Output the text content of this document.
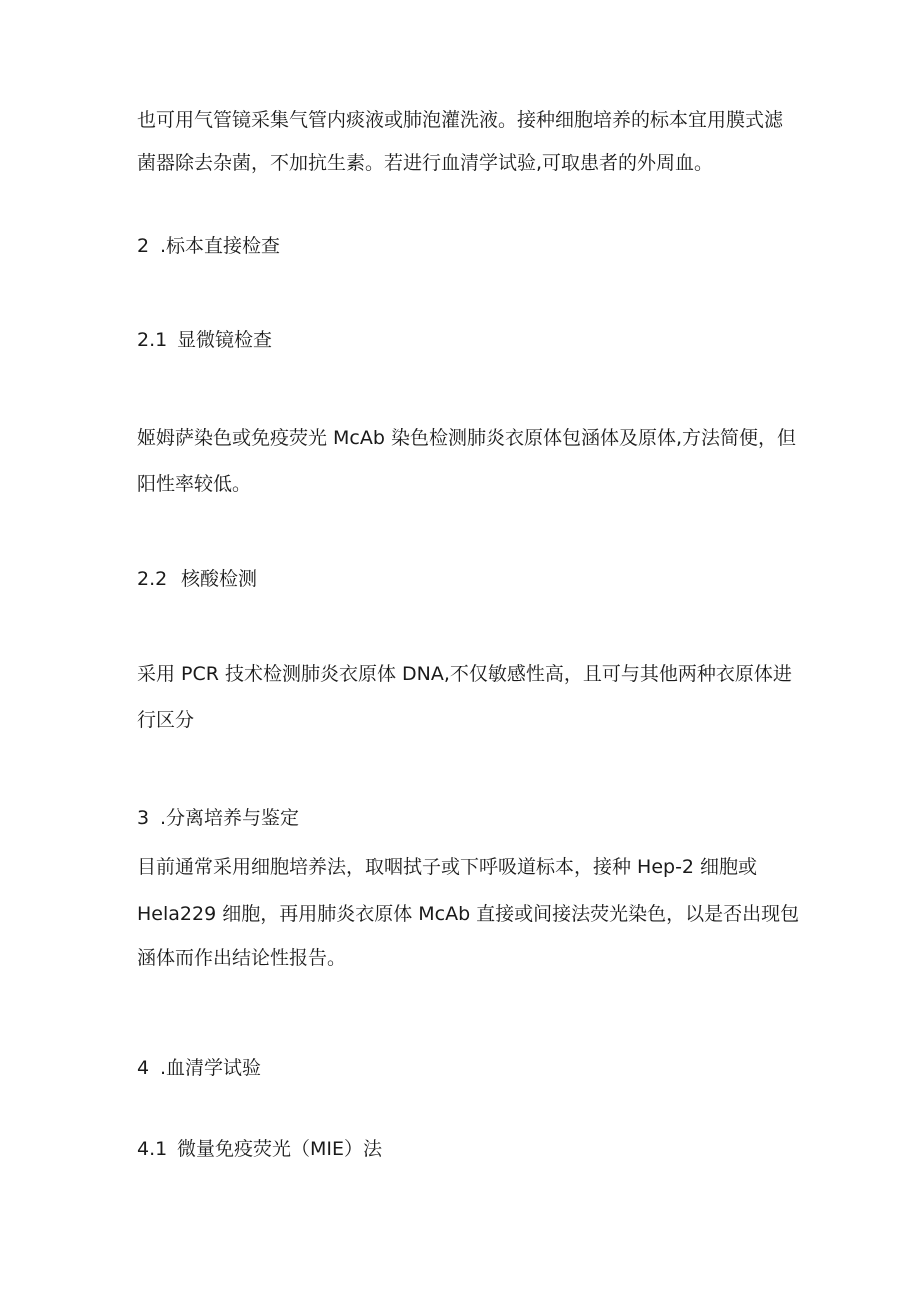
也可用气管镜采集气管内痰液或肺泡灌洗液。接种细胞培养的标本宜用膜式滤
菌器除去杂菌，不加抗生素。若进行血清学试验,可取患者的外周血。
2 .标本直接检查
2.1 显微镜检查
姬姆萨染色或免疫荧光 McAb 染色检测肺炎衣原体包涵体及原体,方法简便，但
阳性率较低。
2.2 核酸检测
采用 PCR 技术检测肺炎衣原体 DNA,不仅敏感性高，且可与其他两种衣原体进
行区分
3 .分离培养与鉴定
目前通常采用细胞培养法，取咽拭子或下呼吸道标本，接种 Hep-2 细胞或
Hela229 细胞，再用肺炎衣原体 McAb 直接或间接法荧光染色，以是否出现包
涵体而作出结论性报告。
4 .血清学试验
4.1 微量免疫荧光（MIE）法
